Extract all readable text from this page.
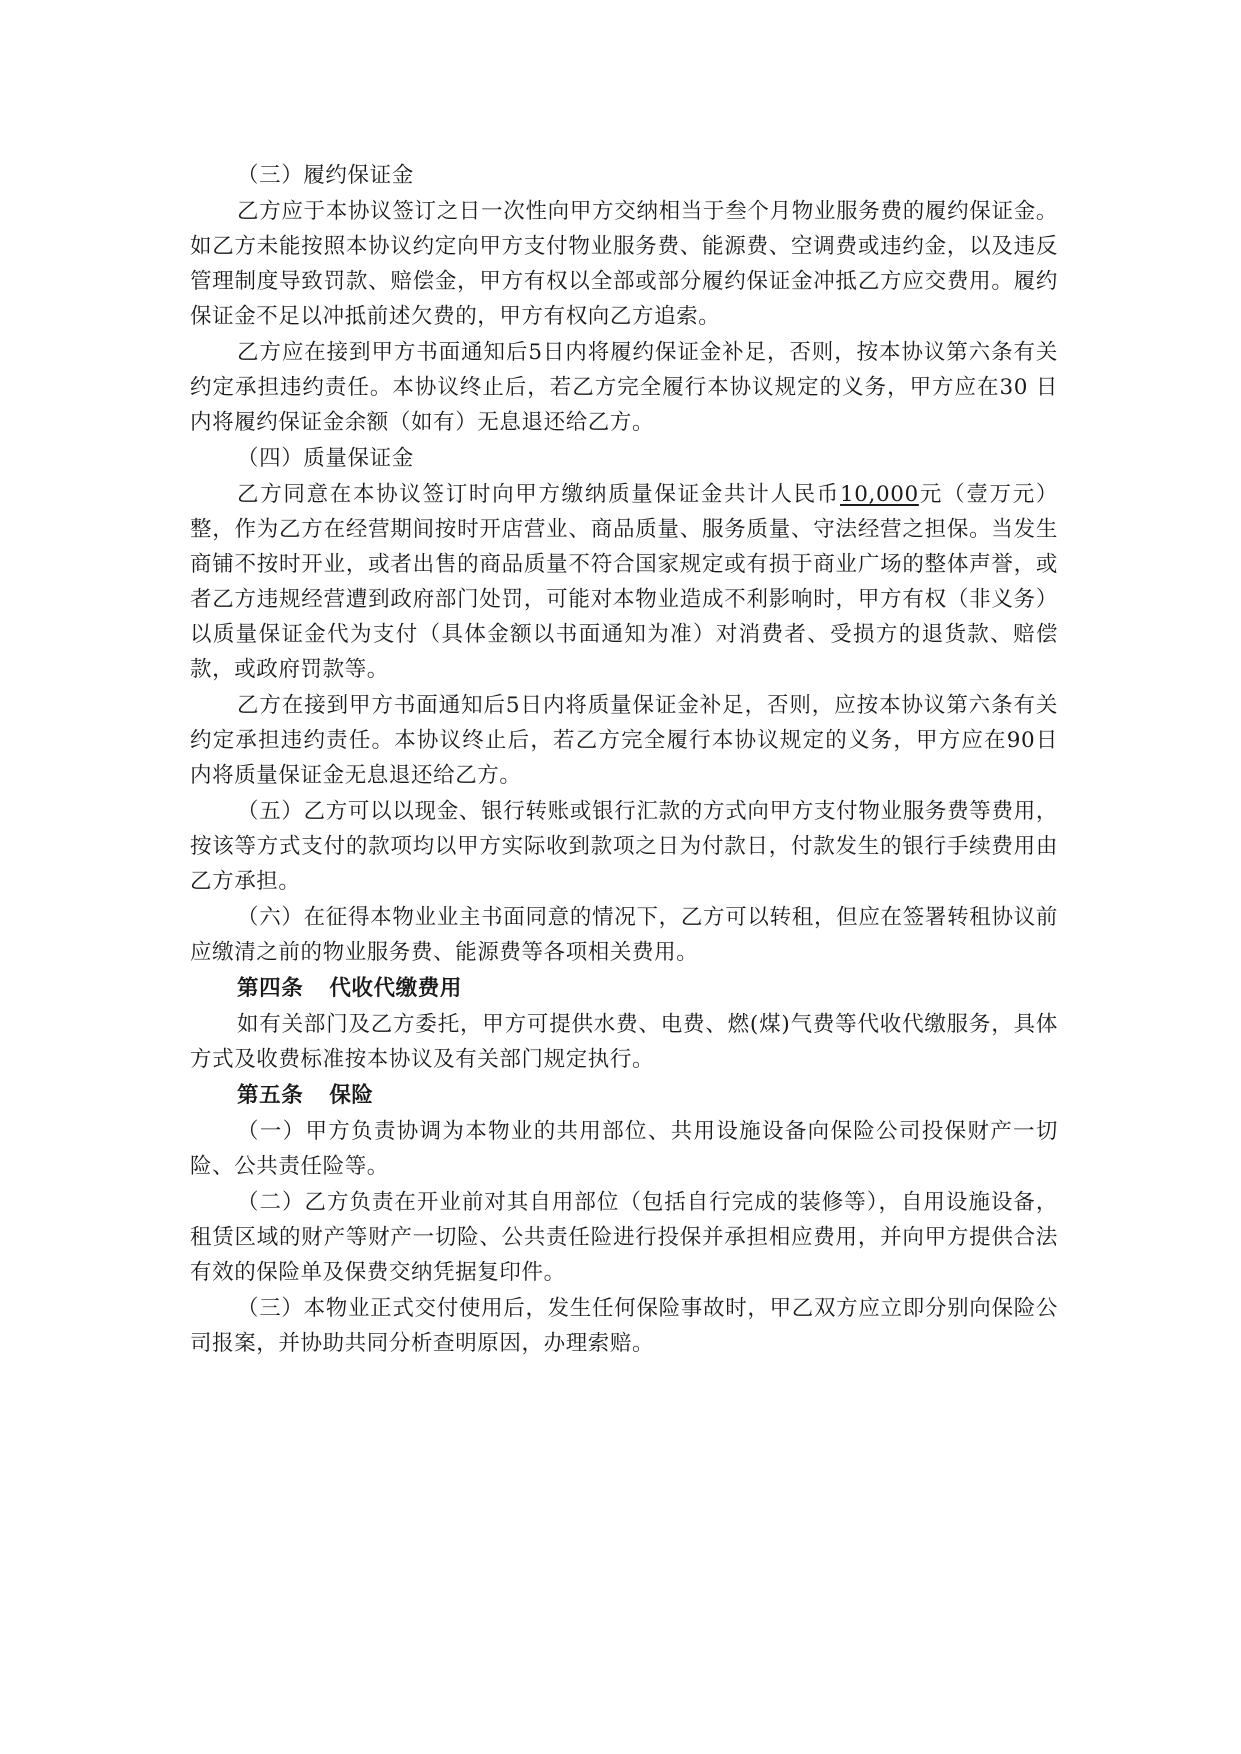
（三）履约保证金

乙方应于本协议签订之日一次性向甲方交纳相当于叁个月物业服务费的履约保证金。如乙方未能按照本协议约定向甲方支付物业服务费、能源费、空调费或违约金，以及违反管理制度导致罚款、赔偿金，甲方有权以全部或部分履约保证金冲抵乙方应交费用。履约保证金不足以冲抵前述欠费的，甲方有权向乙方追索。

乙方应在接到甲方书面通知后5日内将履约保证金补足，否则，按本协议第六条有关约定承担违约责任。本协议终止后，若乙方完全履行本协议规定的义务，甲方应在30 日内将履约保证金余额（如有）无息退还给乙方。

（四）质量保证金

乙方同意在本协议签订时向甲方缴纳质量保证金共计人民币10,000元（壹万元）整，作为乙方在经营期间按时开店营业、商品质量、服务质量、守法经营之担保。当发生商铺不按时开业，或者出售的商品质量不符合国家规定或有损于商业广场的整体声誉，或者乙方违规经营遭到政府部门处罚，可能对本物业造成不利影响时，甲方有权（非义务）以质量保证金代为支付（具体金额以书面通知为准）对消费者、受损方的退货款、赔偿款，或政府罚款等。

乙方在接到甲方书面通知后5日内将质量保证金补足，否则，应按本协议第六条有关约定承担违约责任。本协议终止后，若乙方完全履行本协议规定的义务，甲方应在90日内将质量保证金无息退还给乙方。

（五）乙方可以以现金、银行转账或银行汇款的方式向甲方支付物业服务费等费用，按该等方式支付的款项均以甲方实际收到款项之日为付款日，付款发生的银行手续费用由乙方承担。

（六）在征得本物业业主书面同意的情况下，乙方可以转租，但应在签署转租协议前应缴清之前的物业服务费、能源费等各项相关费用。

第四条 代收代缴费用

如有关部门及乙方委托，甲方可提供水费、电费、燃(煤)气费等代收代缴服务，具体方式及收费标准按本协议及有关部门规定执行。

第五条 保险

（一）甲方负责协调为本物业的共用部位、共用设施设备向保险公司投保财产一切险、公共责任险等。

（二）乙方负责在开业前对其自用部位（包括自行完成的装修等），自用设施设备，租赁区域的财产等财产一切险、公共责任险进行投保并承担相应费用，并向甲方提供合法有效的保险单及保费交纳凭据复印件。

（三）本物业正式交付使用后，发生任何保险事故时，甲乙双方应立即分别向保险公司报案，并协助共同分析查明原因，办理索赔。
